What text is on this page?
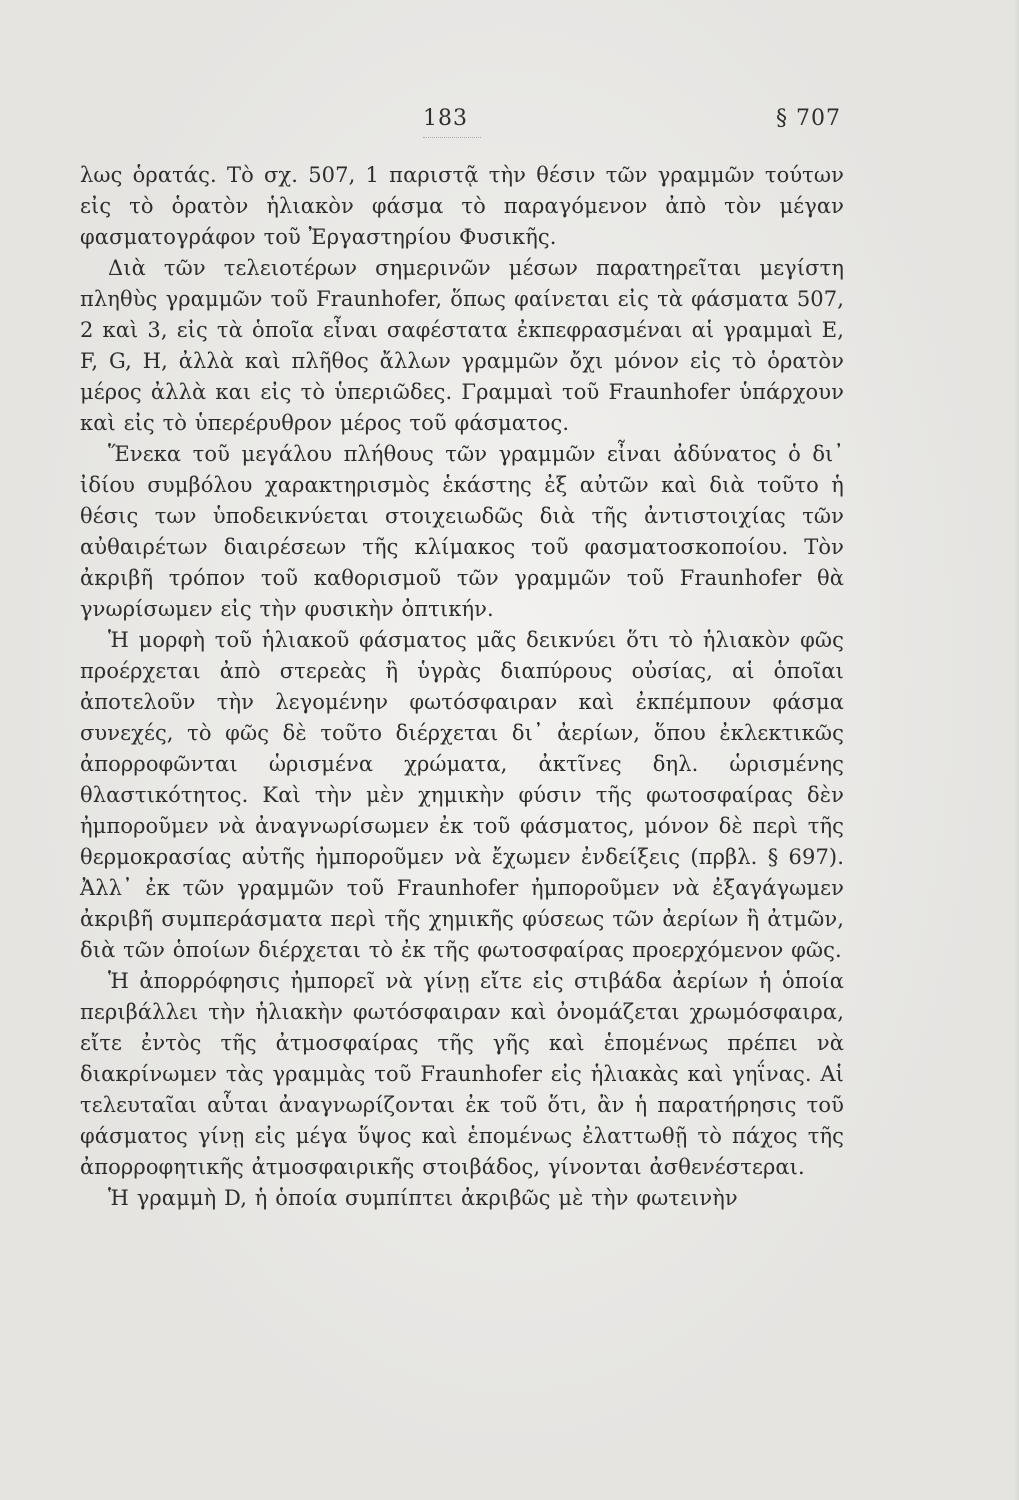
183	§ 707

λως ὁρατάς. Τὸ σχ. 507, 1 παριστᾷ τὴν θέσιν τῶν γραμμῶν τούτων εἰς τὸ ὁρατὸν ἡλιακὸν φάσμα τὸ παραγόμενον ἀπὸ τὸν μέγαν φασματογράφον τοῦ Ἐργαστηρίου Φυσικῆς.

Διὰ τῶν τελειοτέρων σημερινῶν μέσων παρατηρεῖται μεγίστη πληθὺς γραμμῶν τοῦ Fraunhofer, ὅπως φαίνεται εἰς τὰ φάσματα 507, 2 καὶ 3, εἰς τὰ ὁποῖα εἶναι σαφέστατα ἐκπεφρασμέναι αἱ γραμμαὶ E, F, G, H, ἀλλὰ καὶ πλῆθος ἄλλων γραμμῶν ὄχι μόνον εἰς τὸ ὁρατὸν μέρος ἀλλὰ και εἰς τὸ ὑπεριῶδες. Γραμμαὶ τοῦ Fraunhofer ὑπάρχουν καὶ εἰς τὸ ὑπερέρυθρον μέρος τοῦ φάσματος.

Ἕνεκα τοῦ μεγάλου πλήθους τῶν γραμμῶν εἶναι ἀδύνατος ὁ δι᾽ ἰδίου συμβόλου χαρακτηρισμὸς ἑκάστης ἐξ αὐτῶν καὶ διὰ τοῦτο ἡ θέσις των ὑποδεικνύεται στοιχειωδῶς διὰ τῆς ἀντιστοιχίας τῶν αὐθαιρέτων διαιρέσεων τῆς κλίμακος τοῦ φασματοσκοποίου. Τὸν ἀκριβῆ τρόπον τοῦ καθορισμοῦ τῶν γραμμῶν τοῦ Fraunhofer θὰ γνωρίσωμεν εἰς τὴν φυσικὴν ὀπτικήν.

Ἡ μορφὴ τοῦ ἡλιακοῦ φάσματος μᾶς δεικνύει ὅτι τὸ ἡλιακὸν φῶς προέρχεται ἀπὸ στερεὰς ἢ ὑγρὰς διαπύρους οὐσίας, αἱ ὁποῖαι ἀποτελοῦν τὴν λεγομένην φωτόσφαιραν καὶ ἐκπέμπουν φάσμα συνεχές, τὸ φῶς δὲ τοῦτο διέρχεται δι᾽ ἀερίων, ὅπου ἐκλεκτικῶς ἀπορροφῶνται ὡρισμένα χρώματα, ἀκτῖνες δηλ. ὡρισμένης θλαστικότητος. Καὶ τὴν μὲν χημικὴν φύσιν τῆς φωτοσφαίρας δὲν ἠμποροῦμεν νὰ ἀναγνωρίσωμεν ἐκ τοῦ φάσματος, μόνον δὲ περὶ τῆς θερμοκρασίας αὐτῆς ἠμποροῦμεν νὰ ἔχωμεν ἐνδείξεις (πρβλ. § 697). Ἀλλ᾽ ἐκ τῶν γραμμῶν τοῦ Fraunhofer ἠμποροῦμεν νὰ ἐξαγάγωμεν ἀκριβῆ συμπεράσματα περὶ τῆς χημικῆς φύσεως τῶν ἀερίων ἢ ἀτμῶν, διὰ τῶν ὁποίων διέρχεται τὸ ἐκ τῆς φωτοσφαίρας προερχόμενον φῶς.

Ἡ ἀπορρόφησις ἠμπορεῖ νὰ γίνῃ εἴτε εἰς στιβάδα ἀερίων ἡ ὁποία περιβάλλει τὴν ἡλιακὴν φωτόσφαιραν καὶ ὀνομάζεται χρωμόσφαιρα, εἴτε ἐντὸς τῆς ἀτμοσφαίρας τῆς γῆς καὶ ἑπομένως πρέπει νὰ διακρίνωμεν τὰς γραμμὰς τοῦ Fraunhofer εἰς ἡλιακὰς καὶ γηΐνας. Αἱ τελευταῖαι αὗται ἀναγνωρίζονται ἐκ τοῦ ὅτι, ἂν ἡ παρατήρησις τοῦ φάσματος γίνῃ εἰς μέγα ὕψος καὶ ἑπομένως ἐλαττωθῇ τὸ πάχος τῆς ἀπορροφητικῆς ἀτμοσφαιρικῆς στοιβάδος, γίνονται ἀσθενέστεραι.

Ἡ γραμμὴ D, ἡ ὁποία συμπίπτει ἀκριβῶς μὲ τὴν φωτεινὴν
